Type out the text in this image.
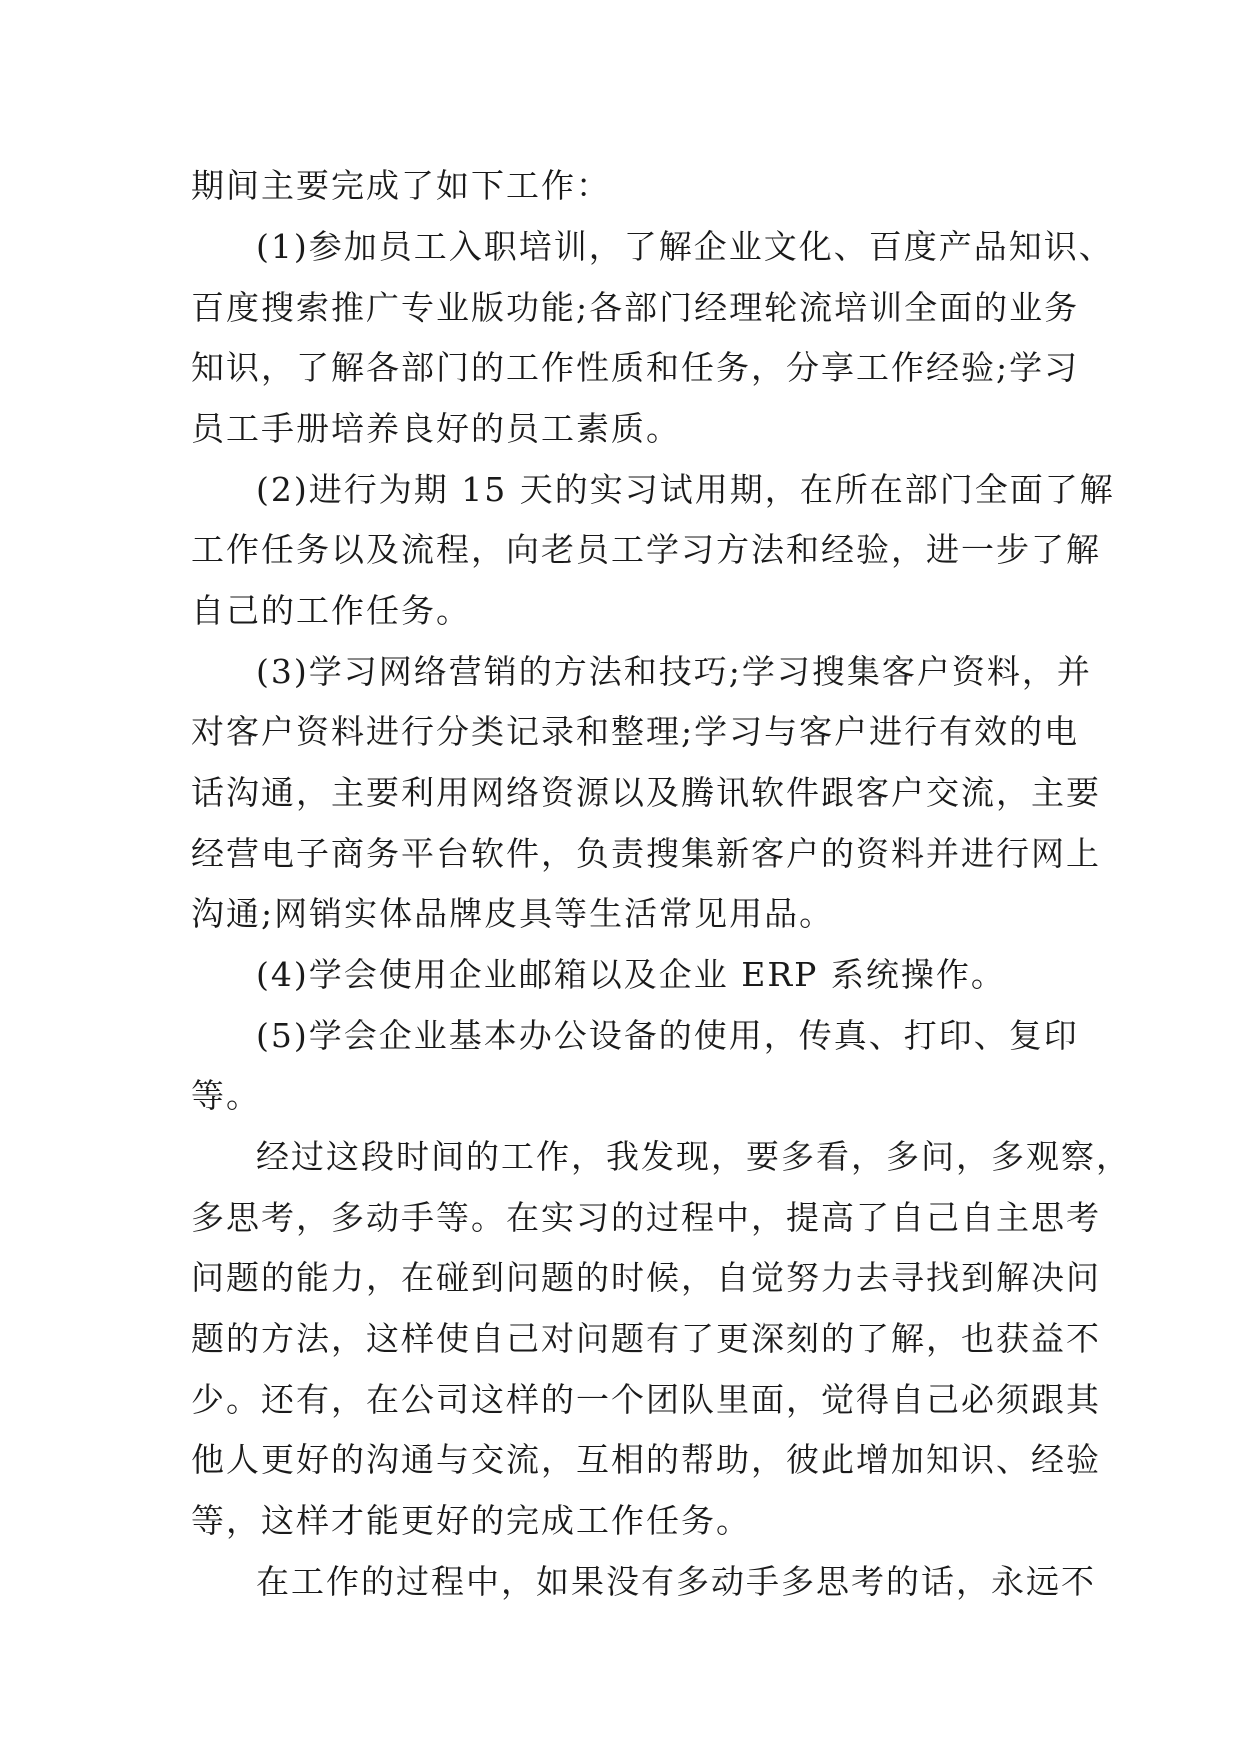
期间主要完成了如下工作：
(1)参加员工入职培训，了解企业文化、百度产品知识、
百度搜索推广专业版功能;各部门经理轮流培训全面的业务
知识，了解各部门的工作性质和任务，分享工作经验;学习
员工手册培养良好的员工素质。
(2)进行为期 15 天的实习试用期，在所在部门全面了解
工作任务以及流程，向老员工学习方法和经验，进一步了解
自己的工作任务。
(3)学习网络营销的方法和技巧;学习搜集客户资料，并
对客户资料进行分类记录和整理;学习与客户进行有效的电
话沟通，主要利用网络资源以及腾讯软件跟客户交流，主要
经营电子商务平台软件，负责搜集新客户的资料并进行网上
沟通;网销实体品牌皮具等生活常见用品。
(4)学会使用企业邮箱以及企业 ERP 系统操作。
(5)学会企业基本办公设备的使用，传真、打印、复印
等。
经过这段时间的工作，我发现，要多看，多问，多观察，
多思考，多动手等。在实习的过程中，提高了自己自主思考
问题的能力，在碰到问题的时候，自觉努力去寻找到解决问
题的方法，这样使自己对问题有了更深刻的了解，也获益不
少。还有，在公司这样的一个团队里面，觉得自己必须跟其
他人更好的沟通与交流，互相的帮助，彼此增加知识、经验
等，这样才能更好的完成工作任务。
在工作的过程中，如果没有多动手多思考的话，永远不
